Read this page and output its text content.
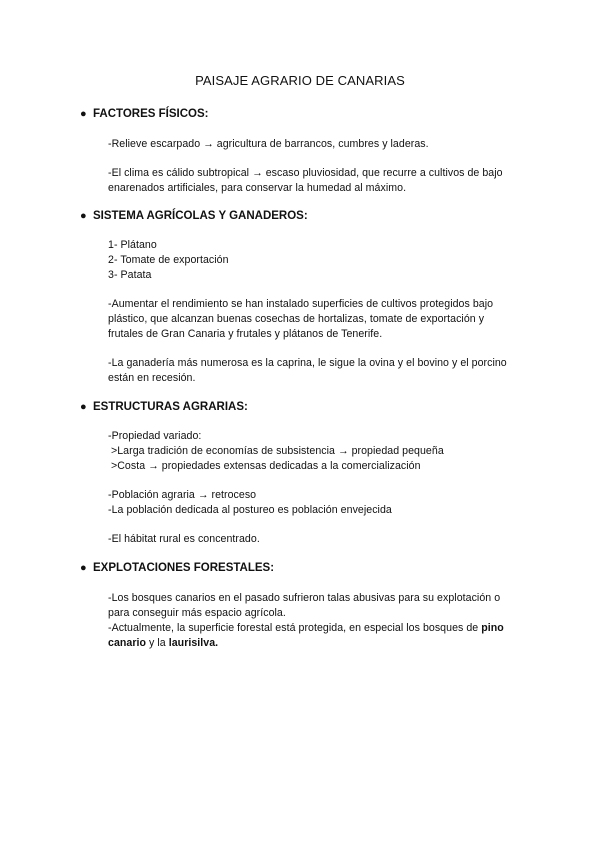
PAISAJE AGRARIO DE CANARIAS
● FACTORES FÍSICOS:
-Relieve escarpado → agricultura de barrancos, cumbres y laderas.
-El clima es cálido subtropical → escaso pluviosidad, que recurre a cultivos de bajo
enarenados artificiales, para conservar la humedad al máximo.
● SISTEMA AGRÍCOLAS Y GANADEROS:
1- Plátano
2- Tomate de exportación
3- Patata
-Aumentar el rendimiento se han instalado superficies de cultivos protegidos bajo
plástico, que alcanzan buenas cosechas de hortalizas, tomate de exportación y
frutales de Gran Canaria y frutales y plátanos de Tenerife.
-La ganadería más numerosa es la caprina, le sigue la ovina y el bovino y el porcino
están en recesión.
● ESTRUCTURAS AGRARIAS:
-Propiedad variado:
>Larga tradición de economías de subsistencia → propiedad pequeña
>Costa → propiedades extensas dedicadas a la comercialización
-Población agraria → retroceso
-La población dedicada al postureo es población envejecida
-El hábitat rural es concentrado.
● EXPLOTACIONES FORESTALES:
-Los bosques canarios en el pasado sufrieron talas abusivas para su explotación o
para conseguir más espacio agrícola.
-Actualmente, la superficie forestal está protegida, en especial los bosques de pino
canario y la laurisilva.
